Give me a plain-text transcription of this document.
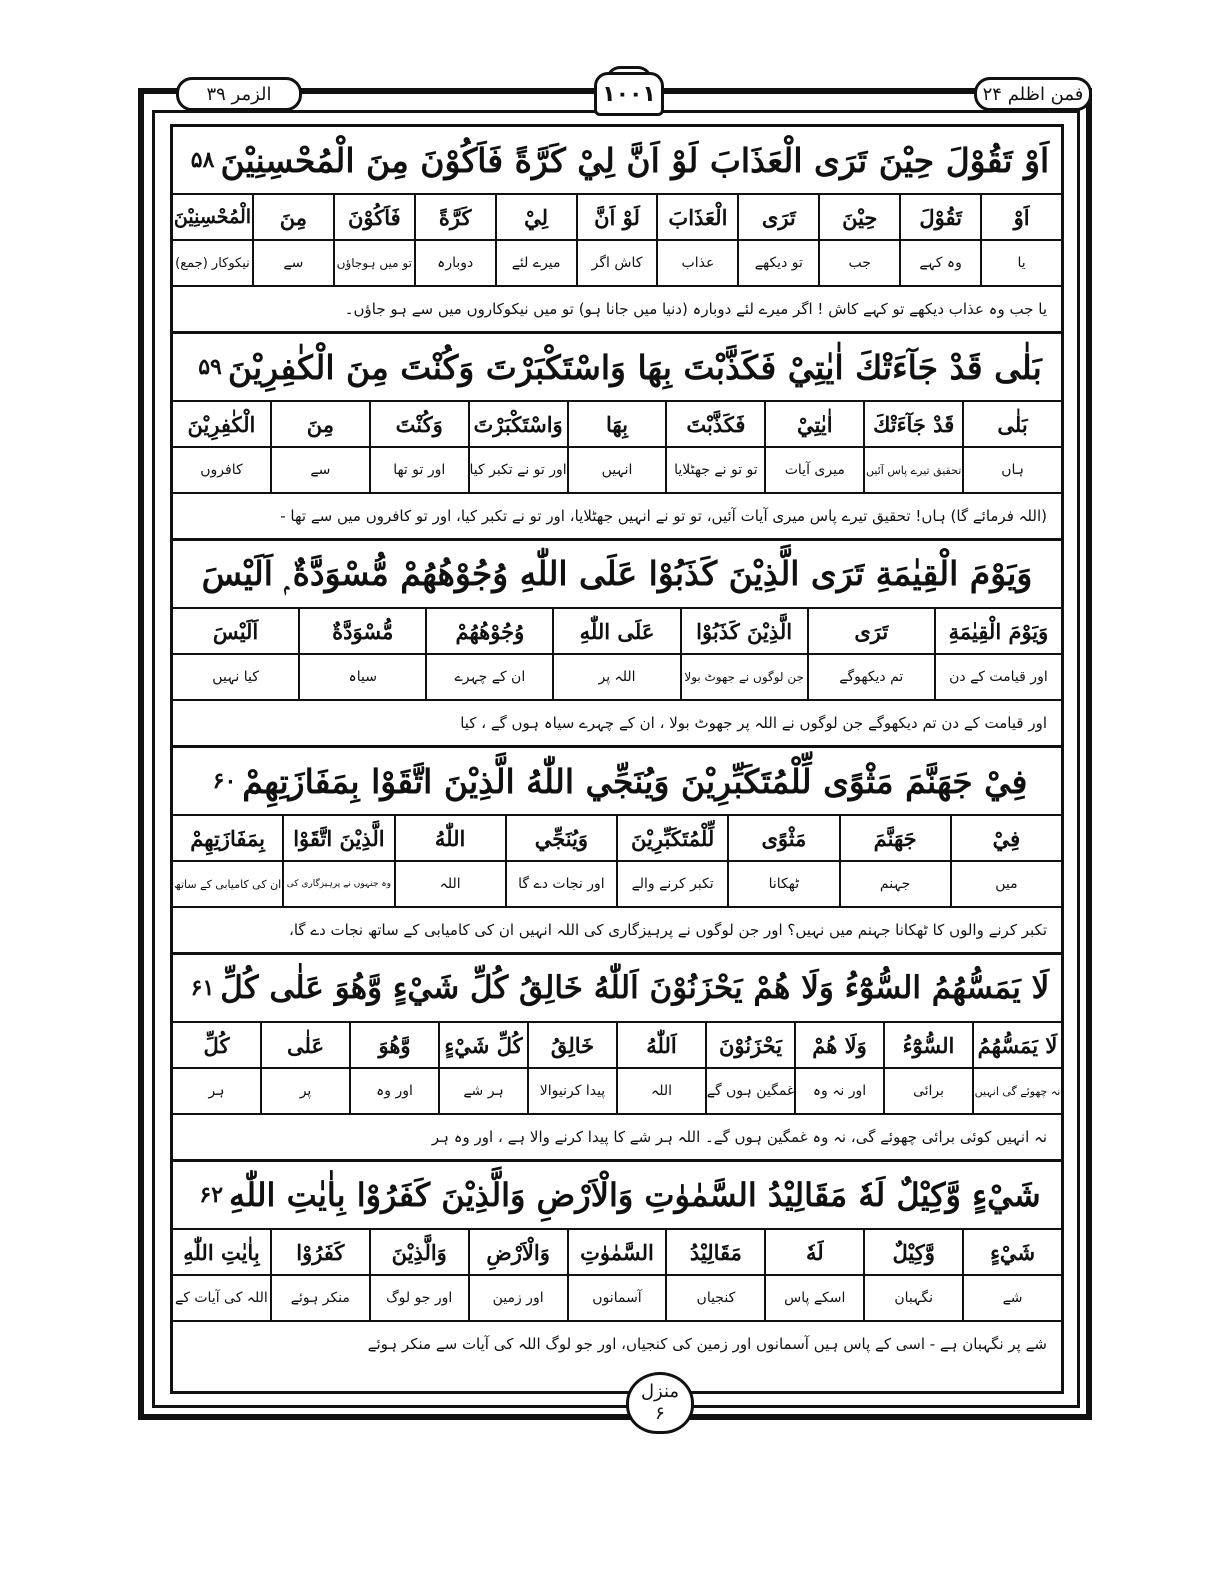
الزمر ۳۹	۱۰۰۱	فمن اظلم ۲۴
اَوْ تَقُوْلَ حِيْنَ تَرَى الْعَذَابَ لَوْ اَنَّ لِيْ كَرَّةً فَاَكُوْنَ مِنَ الْمُحْسِنِيْنَ
۵۸
اَوْ
تَقُوْلَ
حِيْنَ
تَرَى
الْعَذَابَ
لَوْ اَنَّ
لِيْ
كَرَّةً
فَاَكُوْنَ
مِنَ
الْمُحْسِنِيْنَ
یا
وہ کہے
جب
تو دیکھے
عذاب
کاش اگر
میرے لئے
دوبارہ
تو میں ہوجاؤں
سے
نیکوکار (جمع)
یا جب وہ عذاب دیکھے تو کہے کاش ! اگر میرے لئے دوبارہ (دنیا میں جانا ہو) تو میں نیکوکاروں میں سے ہو جاؤں۔
بَلٰى قَدْ جَآءَتْكَ اٰيٰتِيْ فَكَذَّبْتَ بِهَا وَاسْتَكْبَرْتَ وَكُنْتَ مِنَ الْكٰفِرِيْنَ
۵۹
بَلٰى
قَدْ جَآءَتْكَ
اٰيٰتِيْ
فَكَذَّبْتَ
بِهَا
وَاسْتَكْبَرْتَ
وَكُنْتَ
مِنَ
الْكٰفِرِيْنَ
ہاں
تحقیق تیرے پاس آئیں
میری آیات
تو تو نے جھٹلایا
انہیں
اور تو نے تکبر کیا
اور تو تھا
سے
کافروں
(اللہ فرمائے گا) ہاں! تحقیق تیرے پاس میری آیات آئیں، تو تو نے انہیں جھٹلایا، اور تو نے تکبر کیا، اور تو کافروں میں سے تھا -
وَيَوْمَ الْقِيٰمَةِ تَرَى الَّذِيْنَ كَذَبُوْا عَلَى اللّٰهِ وُجُوْهُهُمْ مُّسْوَدَّةٌ ۭ اَلَيْسَ
وَيَوْمَ الْقِيٰمَةِ
تَرَى
الَّذِيْنَ كَذَبُوْا
عَلَى اللّٰهِ
وُجُوْهُهُمْ
مُّسْوَدَّةٌ
اَلَيْسَ
اور قیامت کے دن
تم دیکھوگے
جن لوگوں نے جھوٹ بولا
اللہ پر
ان کے چہرے
سیاہ
کیا نہیں
اور قیامت کے دن تم دیکھوگے جن لوگوں نے اللہ پر جھوٹ بولا ، ان کے چہرے سیاہ ہوں گے ، کیا
فِيْ جَهَنَّمَ مَثْوًى لِّلْمُتَكَبِّرِيْنَ وَيُنَجِّي اللّٰهُ الَّذِيْنَ اتَّقَوْا بِمَفَازَتِهِمْ
۶۰
فِيْ
جَهَنَّمَ
مَثْوًى
لِّلْمُتَكَبِّرِيْنَ
وَيُنَجِّي
اللّٰهُ
الَّذِيْنَ اتَّقَوْا
بِمَفَازَتِهِمْ
میں
جہنم
ٹھکانا
تکبر کرنے والے
اور نجات دے گا
اللہ
وہ جنہوں نے پرہیزگاری کی
ان کی کامیابی کے ساتھ
تکبر کرنے والوں کا ٹھکانا جہنم میں نہیں؟ اور جن لوگوں نے پرہیزگاری کی اللہ انہیں ان کی کامیابی کے ساتھ نجات دے گا،
لَا يَمَسُّهُمُ السُّوْٓءُ وَلَا هُمْ يَحْزَنُوْنَ اَللّٰهُ خَالِقُ كُلِّ شَيْءٍ وَّهُوَ عَلٰى كُلِّ
۶۱
لَا يَمَسُّهُمُ
السُّوْٓءُ
وَلَا هُمْ
يَحْزَنُوْنَ
اَللّٰهُ
خَالِقُ
كُلِّ شَيْءٍ
وَّهُوَ
عَلٰى
كُلِّ
نہ چھوئے گی انہیں
برائی
اور نہ وہ
غمگین ہوں گے
اللہ
پیدا کرنیوالا
ہر شے
اور وہ
پر
ہر
نہ انہیں کوئی برائی چھوئے گی، نہ وہ غمگین ہوں گے۔ اللہ ہر شے کا پیدا کرنے والا ہے ، اور وہ ہر
شَيْءٍ وَّكِيْلٌ لَهٗ مَقَالِيْدُ السَّمٰوٰتِ وَالْاَرْضِ وَالَّذِيْنَ كَفَرُوْا بِاٰيٰتِ اللّٰهِ
۶۲
شَيْءٍ
وَّكِيْلٌ
لَهٗ
مَقَالِيْدُ
السَّمٰوٰتِ
وَالْاَرْضِ
وَالَّذِيْنَ
كَفَرُوْا
بِاٰيٰتِ اللّٰهِ
شے
نگہبان
اسکے پاس
کنجیاں
آسمانوں
اور زمین
اور جو لوگ
منکر ہوئے
اللہ کی آیات کے
شے پر نگہبان ہے - اسی کے پاس ہیں آسمانوں اور زمین کی کنجیاں، اور جو لوگ اللہ کی آیات سے منکر ہوئے
منزل
۶
